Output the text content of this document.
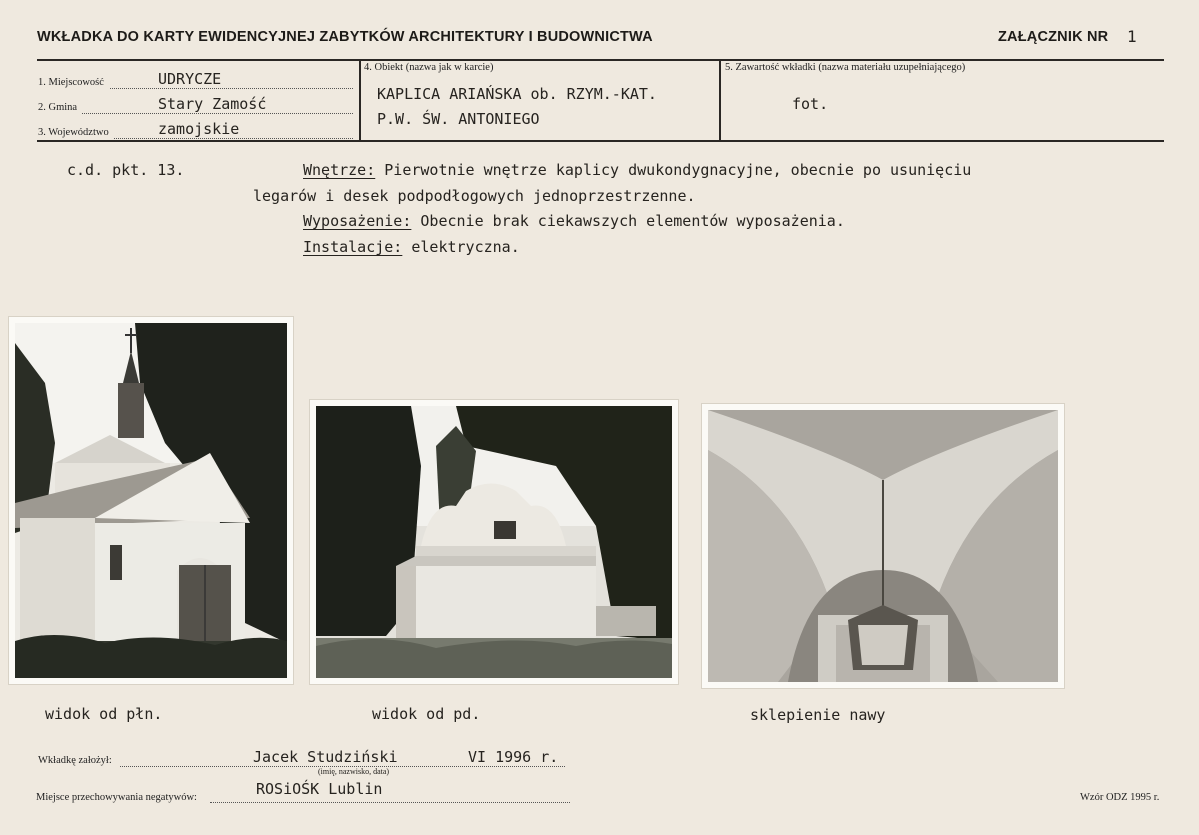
WKŁADKA DO KARTY EWIDENCYJNEJ ZABYTKÓW ARCHITEKTURY I BUDOWNICTWA	ZAŁĄCZNIK NR 1
1. Miejscowość	UDRYCZE
2. Gmina	Stary Zamość
3. Województwo	zamojskie
4. Obiekt (nazwa jak w karcie)
KAPLICA ARIAŃSKA ob. RZYM.-KAT.
P.W. ŚW. ANTONIEGO
5. Zawartość wkładki (nazwa materiału uzupełniającego)
fot.
c.d. pkt. 13.	Wnętrze: Pierwotnie wnętrze kaplicy dwukondygnacyjne, obecnie po usunięciu
legarów i desek podpodłogowych jednoprzestrzenne.
Wyposażenie: Obecnie brak ciekawszych elementów wyposażenia.
Instalacje: elektryczna.
widok od płn.	widok od pd.	sklepienie nawy
Wkładkę założył:	Jacek Studziński	VI 1996 r.
(imię, nazwisko, data)
Miejsce przechowywania negatywów:	ROSiOŚK Lublin	Wzór ODZ 1995 r.
